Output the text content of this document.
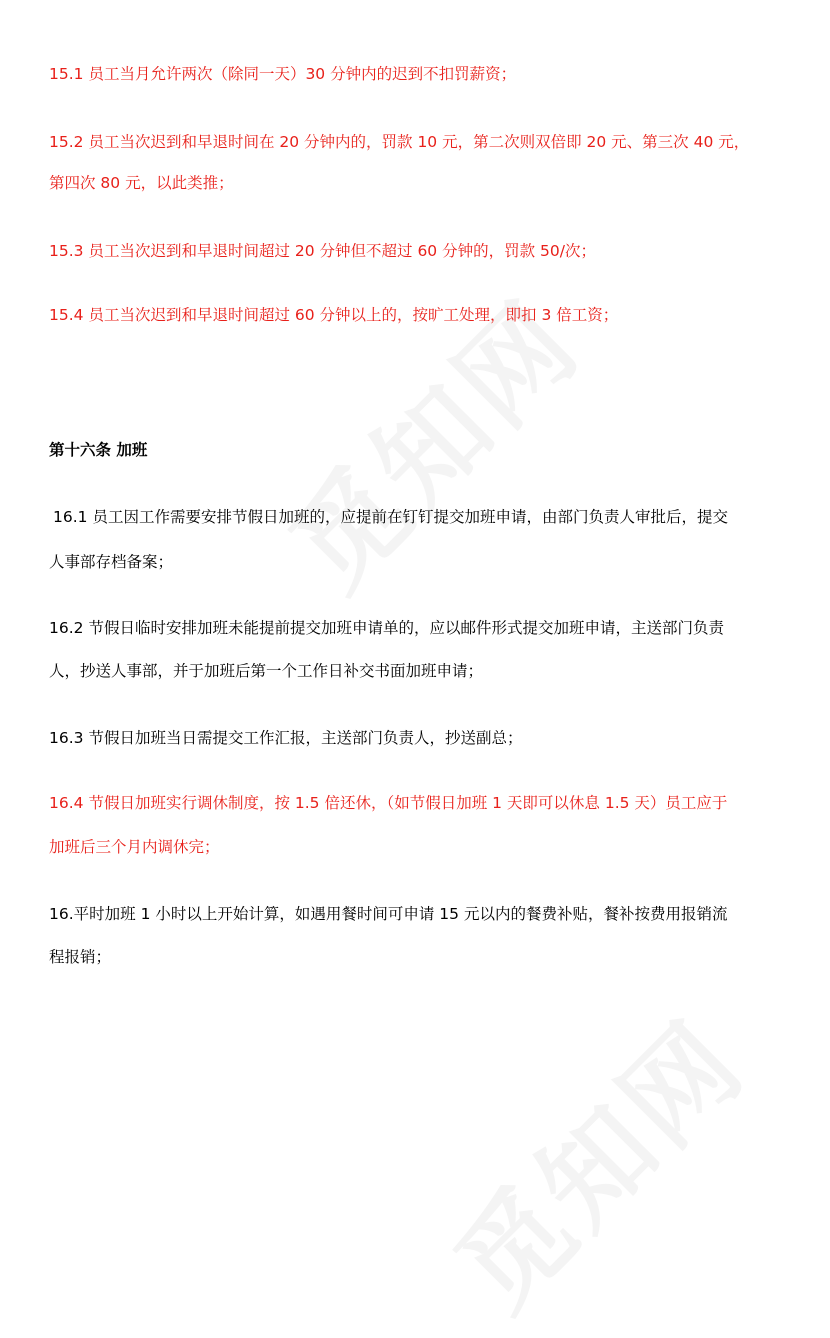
15.1 员工当月允许两次（除同一天）30 分钟内的迟到不扣罚薪资；

15.2 员工当次迟到和早退时间在 20 分钟内的，罚款 10 元，第二次则双倍即 20 元、第三次 40 元，

第四次 80 元，以此类推；

15.3 员工当次迟到和早退时间超过 20 分钟但不超过 60 分钟的，罚款 50/次；

15.4 员工当次迟到和早退时间超过 60 分钟以上的，按旷工处理，即扣 3 倍工资；

第十六条 加班

16.1 员工因工作需要安排节假日加班的，应提前在钉钉提交加班申请，由部门负责人审批后，提交

人事部存档备案；

16.2 节假日临时安排加班未能提前提交加班申请单的，应以邮件形式提交加班申请，主送部门负责

人，抄送人事部，并于加班后第一个工作日补交书面加班申请；

16.3 节假日加班当日需提交工作汇报，主送部门负责人，抄送副总；

16.4 节假日加班实行调休制度，按 1.5 倍还休，（如节假日加班 1 天即可以休息 1.5 天）员工应于

加班后三个月内调休完；

16.平时加班 1 小时以上开始计算，如遇用餐时间可申请 15 元以内的餐费补贴，餐补按费用报销流

程报销；
